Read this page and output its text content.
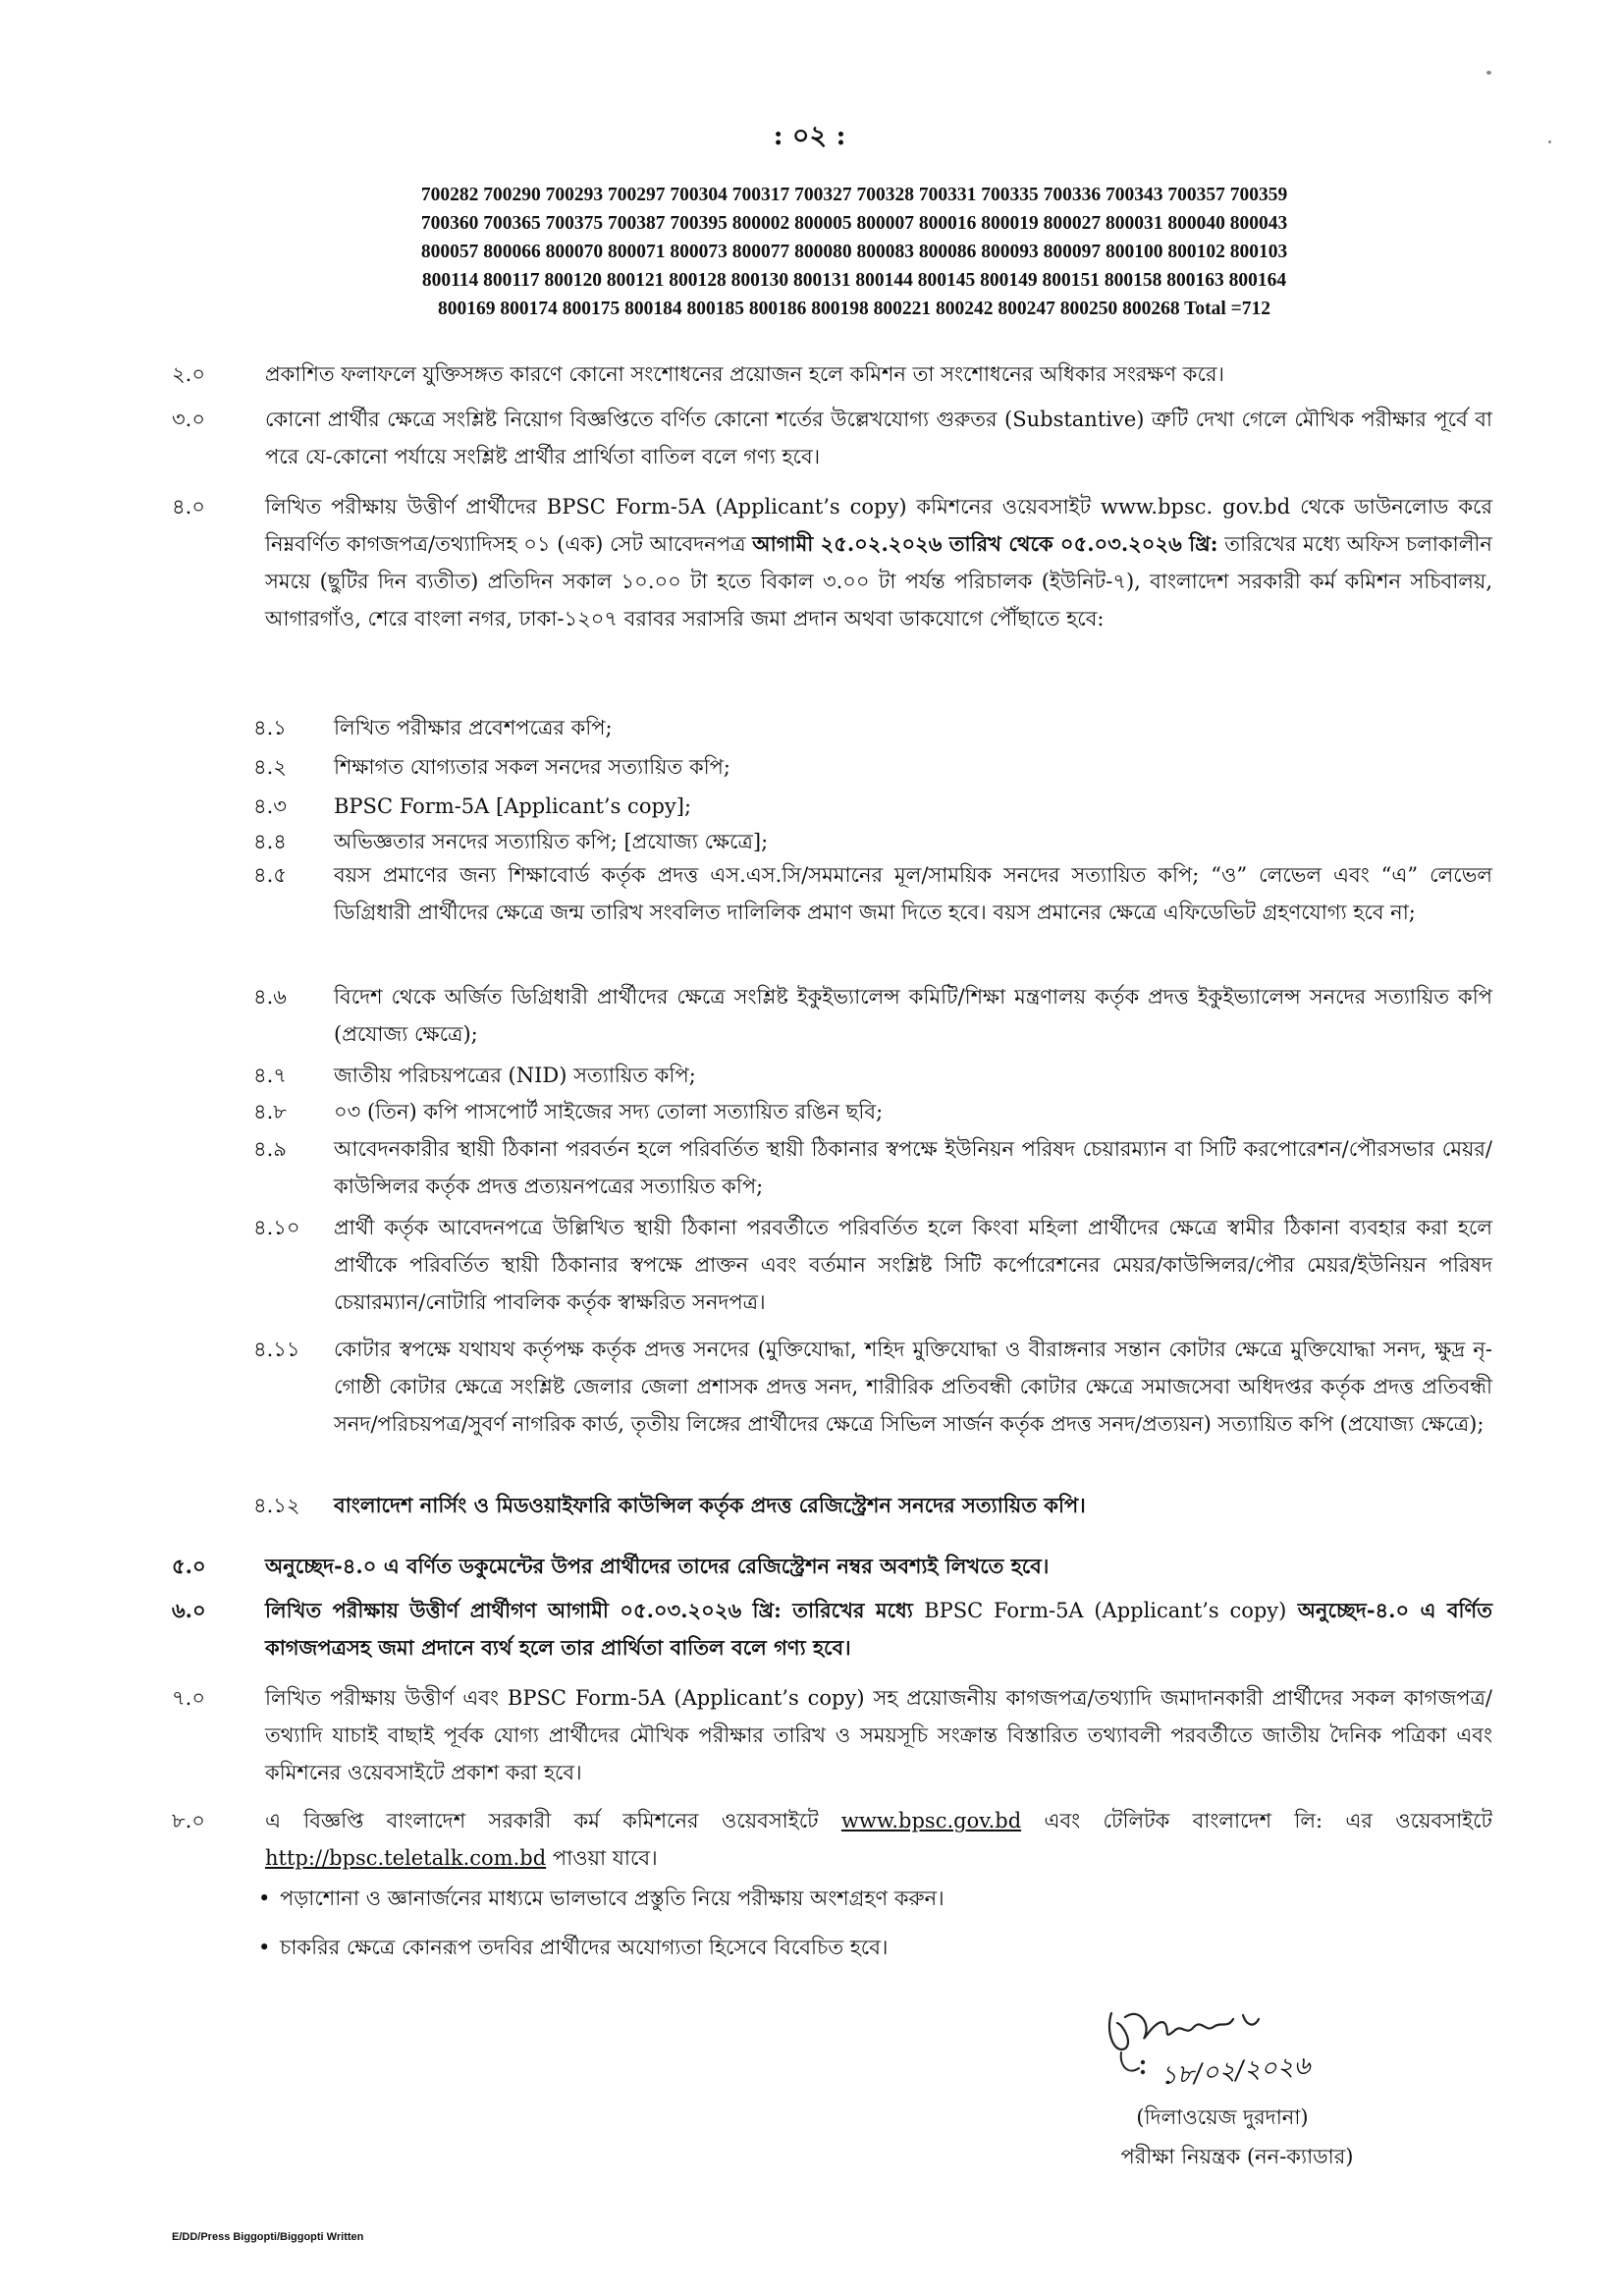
: ০২ :
700282 700290 700293 700297 700304 700317 700327 700328 700331 700335 700336 700343 700357 700359
700360 700365 700375 700387 700395 800002 800005 800007 800016 800019 800027 800031 800040 800043
800057 800066 800070 800071 800073 800077 800080 800083 800086 800093 800097 800100 800102 800103
800114 800117 800120 800121 800128 800130 800131 800144 800145 800149 800151 800158 800163 800164
800169 800174 800175 800184 800185 800186 800198 800221 800242 800247 800250 800268 Total =712
২.০	প্রকাশিত ফলাফলে যুক্তিসঙ্গত কারণে কোনো সংশোধনের প্রয়োজন হলে কমিশন তা সংশোধনের অধিকার সংরক্ষণ করে।
৩.০	কোনো প্রার্থীর ক্ষেত্রে সংশ্লিষ্ট নিয়োগ বিজ্ঞপ্তিতে বর্ণিত কোনো শর্তের উল্লেখযোগ্য গুরুতর (Substantive) ত্রুটি দেখা গেলে মৌখিক পরীক্ষার পূর্বে বা পরে যে-কোনো পর্যায়ে সংশ্লিষ্ট প্রার্থীর প্রার্থিতা বাতিল বলে গণ্য হবে।
৪.০	লিখিত পরীক্ষায় উত্তীর্ণ প্রার্থীদের BPSC Form-5A (Applicant’s copy) কমিশনের ওয়েবসাইট www.bpsc. gov.bd থেকে ডাউনলোড করে নিম্নবর্ণিত কাগজপত্র/তথ্যাদিসহ ০১ (এক) সেট আবেদনপত্র আগামী ২৫.০২.২০২৬ তারিখ থেকে ০৫.০৩.২০২৬ খ্রি: তারিখের মধ্যে অফিস চলাকালীন সময়ে (ছুটির দিন ব্যতীত) প্রতিদিন সকাল ১০.০০ টা হতে বিকাল ৩.০০ টা পর্যন্ত পরিচালক (ইউনিট-৭), বাংলাদেশ সরকারী কর্ম কমিশন সচিবালয়, আগারগাঁও, শেরে বাংলা নগর, ঢাকা-১২০৭ বরাবর সরাসরি জমা প্রদান অথবা ডাকযোগে পৌঁছাতে হবে:
৪.১	লিখিত পরীক্ষার প্রবেশপত্রের কপি;
৪.২	শিক্ষাগত যোগ্যতার সকল সনদের সত্যায়িত কপি;
৪.৩	BPSC Form-5A [Applicant’s copy];
৪.৪	অভিজ্ঞতার সনদের সত্যায়িত কপি; [প্রযোজ্য ক্ষেত্রে];
৪.৫	বয়স প্রমাণের জন্য শিক্ষাবোর্ড কর্তৃক প্রদত্ত এস.এস.সি/সমমানের মূল/সাময়িক সনদের সত্যায়িত কপি; “ও” লেভেল এবং “এ” লেভেল ডিগ্রিধারী প্রার্থীদের ক্ষেত্রে জন্ম তারিখ সংবলিত দালিলিক প্রমাণ জমা দিতে হবে। বয়স প্রমানের ক্ষেত্রে এফিডেভিট গ্রহণযোগ্য হবে না;
৪.৬	বিদেশ থেকে অর্জিত ডিগ্রিধারী প্রার্থীদের ক্ষেত্রে সংশ্লিষ্ট ইকুইভ্যালেন্স কমিটি/শিক্ষা মন্ত্রণালয় কর্তৃক প্রদত্ত ইকুইভ্যালেন্স সনদের সত্যায়িত কপি (প্রযোজ্য ক্ষেত্রে);
৪.৭	জাতীয় পরিচয়পত্রের (NID) সত্যায়িত কপি;
৪.৮	০৩ (তিন) কপি পাসপোর্ট সাইজের সদ্য তোলা সত্যায়িত রঙিন ছবি;
৪.৯	আবেদনকারীর স্থায়ী ঠিকানা পরবর্তন হলে পরিবর্তিত স্থায়ী ঠিকানার স্বপক্ষে ইউনিয়ন পরিষদ চেয়ারম্যান বা সিটি করপোরেশন/পৌরসভার মেয়র/কাউন্সিলর কর্তৃক প্রদত্ত প্রত্যয়নপত্রের সত্যায়িত কপি;
৪.১০	প্রার্থী কর্তৃক আবেদনপত্রে উল্লিখিত স্থায়ী ঠিকানা পরবর্তীতে পরিবর্তিত হলে কিংবা মহিলা প্রার্থীদের ক্ষেত্রে স্বামীর ঠিকানা ব্যবহার করা হলে প্রার্থীকে পরিবর্তিত স্থায়ী ঠিকানার স্বপক্ষে প্রাক্তন এবং বর্তমান সংশ্লিষ্ট সিটি কর্পোরেশনের মেয়র/কাউন্সিলর/পৌর মেয়র/ইউনিয়ন পরিষদ চেয়ারম্যান/নোটারি পাবলিক কর্তৃক স্বাক্ষরিত সনদপত্র।
৪.১১	কোটার স্বপক্ষে যথাযথ কর্তৃপক্ষ কর্তৃক প্রদত্ত সনদের (মুক্তিযোদ্ধা, শহিদ মুক্তিযোদ্ধা ও বীরাঙ্গনার সন্তান কোটার ক্ষেত্রে মুক্তিযোদ্ধা সনদ, ক্ষুদ্র নৃ-গোষ্ঠী কোটার ক্ষেত্রে সংশ্লিষ্ট জেলার জেলা প্রশাসক প্রদত্ত সনদ, শারীরিক প্রতিবন্ধী কোটার ক্ষেত্রে সমাজসেবা অধিদপ্তর কর্তৃক প্রদত্ত প্রতিবন্ধী সনদ/পরিচয়পত্র/সুবর্ণ নাগরিক কার্ড, তৃতীয় লিঙ্গের প্রার্থীদের ক্ষেত্রে সিভিল সার্জন কর্তৃক প্রদত্ত সনদ/প্রত্যয়ন) সত্যায়িত কপি (প্রযোজ্য ক্ষেত্রে);
৪.১২	বাংলাদেশ নার্সিং ও মিডওয়াইফারি কাউন্সিল কর্তৃক প্রদত্ত রেজিস্ট্রেশন সনদের সত্যায়িত কপি।
৫.০	অনুচ্ছেদ-৪.০ এ বর্ণিত ডকুমেন্টের উপর প্রার্থীদের তাদের রেজিস্ট্রেশন নম্বর অবশ্যই লিখতে হবে।
৬.০	লিখিত পরীক্ষায় উত্তীর্ণ প্রার্থীগণ আগামী ০৫.০৩.২০২৬ খ্রি: তারিখের মধ্যে BPSC Form-5A (Applicant’s copy) অনুচ্ছেদ-৪.০ এ বর্ণিত কাগজপত্রসহ জমা প্রদানে ব্যর্থ হলে তার প্রার্থিতা বাতিল বলে গণ্য হবে।
৭.০	লিখিত পরীক্ষায় উত্তীর্ণ এবং BPSC Form-5A (Applicant’s copy) সহ প্রয়োজনীয় কাগজপত্র/তথ্যাদি জমাদানকারী প্রার্থীদের সকল কাগজপত্র/তথ্যাদি যাচাই বাছাই পূর্বক যোগ্য প্রার্থীদের মৌখিক পরীক্ষার তারিখ ও সময়সূচি সংক্রান্ত বিস্তারিত তথ্যাবলী পরবর্তীতে জাতীয় দৈনিক পত্রিকা এবং কমিশনের ওয়েবসাইটে প্রকাশ করা হবে।
৮.০	এ বিজ্ঞপ্তি বাংলাদেশ সরকারী কর্ম কমিশনের ওয়েবসাইটে www.bpsc.gov.bd এবং টেলিটক বাংলাদেশ লি: এর ওয়েবসাইটে http://bpsc.teletalk.com.bd পাওয়া যাবে।
• পড়াশোনা ও জ্ঞানার্জনের মাধ্যমে ভালভাবে প্রস্তুতি নিয়ে পরীক্ষায় অংশগ্রহণ করুন।
• চাকরির ক্ষেত্রে কোনরূপ তদবির প্রার্থীদের অযোগ্যতা হিসেবে বিবেচিত হবে।
১৮/০২/২০২৬
(দিলাওয়েজ দুরদানা)
পরীক্ষা নিয়ন্ত্রক (নন-ক্যাডার)
E/DD/Press Biggopti/Biggopti Written
